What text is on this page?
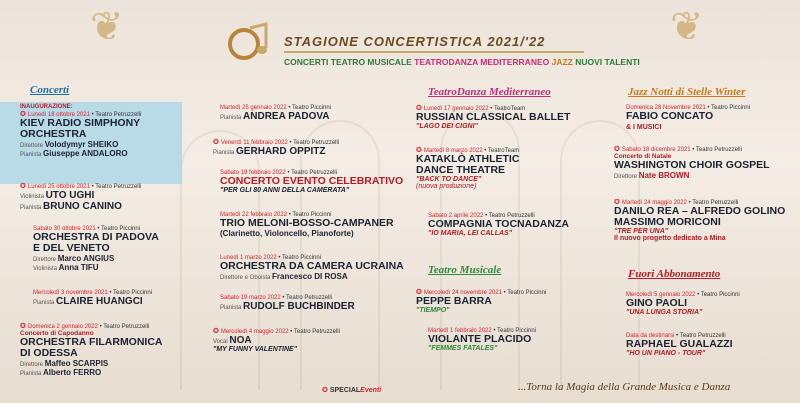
❦	❦
STAGIONE CONCERTISTICA 2021/'22
CONCERTI TEATRO MUSICALE TEATRODANZA MEDITERRANEO JAZZ NUOVI TALENTI
Concerti
INAUGURAZIONE:
✪ Lunedì 18 ottobre 2021 • Teatro Petruzzelli
KIEV RADIO SIMPHONY
ORCHESTRA
Direttore Volodymyr SHEIKO
Pianista Giuseppe ANDALORO
✪ Lunedì 25 ottobre 2021 • Teatro Petruzzelli
Violinista UTO UGHI
Pianista BRUNO CANINO
Sabato 30 ottobre 2021 • Teatro Piccinni
ORCHESTRA DI PADOVA
E DEL VENETO
Direttore Marco ANGIUS
Violinista Anna TIFU
Mercoledì 3 novembre 2021 • Teatro Piccinni
Pianista CLAIRE HUANGCI
✪ Domenica 2 gennaio 2022 • Teatro Petruzzelli
Concerto di Capodanno
ORCHESTRA FILARMONICA
DI ODESSA
Direttore Maffeo SCARPIS
Pianista Alberto FERRO
Martedì 25 gennaio 2022 • Teatro Piccinni
Pianista ANDREA PADOVA
✪ Venerdì 11 febbraio 2022 • Teatro Petruzzelli
Pianista GERHARD OPPITZ
Sabato 19 febbraio 2022 • Teatro Petruzzelli
CONCERTO EVENTO CELEBRATIVO
"PER GLI 80 ANNI DELLA CAMERATA"
Martedì 22 febbraio 2022 • Teatro Piccinni
TRIO MELONI-BOSSO-CAMPANER
(Clarinetto, Violoncello, Pianoforte)
Lunedì 1 marzo 2022 • Teatro Piccinni
ORCHESTRA DA CAMERA UCRAINA
Direttore e Oboista Francesco DI ROSA
Sabato 19 marzo 2022 • Teatro Petruzzelli
Pianista RUDOLF BUCHBINDER
✪ Mercoledì 4 maggio 2022 • Teatro Petruzzelli
Vocal NOA
"MY FUNNY VALENTINE"
TeatroDanza Mediterraneo
✪ Lunedì 17 gennaio 2022 • TeatroTeam
RUSSIAN CLASSICAL BALLET
"LAGO DEI CIGNI"
✪ Martedì 8 marzo 2022 • TeatroTeam
KATAKLÒ ATHLETIC
DANCE THEATRE
"BACK TO DANCE"
(nuova produzione)
Sabato 2 aprile 2022 • Teatro Petruzzelli
COMPAGNIA TOCNADANZA
"IO MARIA, LEI CALLAS"
Teatro Musicale
✪ Mercoledì 24 novembre 2021 • Teatro Piccinni
PEPPE BARRA
"TIEMPO"
Martedì 1 febbraio 2022 • Teatro Piccinni
VIOLANTE PLACIDO
"FEMMES FATALES"
Jazz Notti di Stelle Winter
Domenica 28 Novembre 2021 • Teatro Piccinni
FABIO CONCATO
& I MUSICI
✪ Sabato 18 dicembre 2021 • Teatro Petruzzelli
Concerto di Natale
WASHINGTON CHOIR GOSPEL
Direttore Nate BROWN
✪ Martedì 24 maggio 2022 • Teatro Petruzzelli
DANILO REA – ALFREDO GOLINO
MASSIMO MORICONI
"TRE PER UNA"
Il nuovo progetto dedicato a Mina
Fuori Abbonamento
Mercoledì 5 gennaio 2022 • Teatro Piccinni
GINO PAOLI
"UNA LUNGA STORIA"
Data da destinarsi • Teatro Petruzzelli
RAPHAEL GUALAZZI
"HO UN PIANO - TOUR"
✪ SPECIALEventi	...Torna la Magia della Grande Musica e Danza
